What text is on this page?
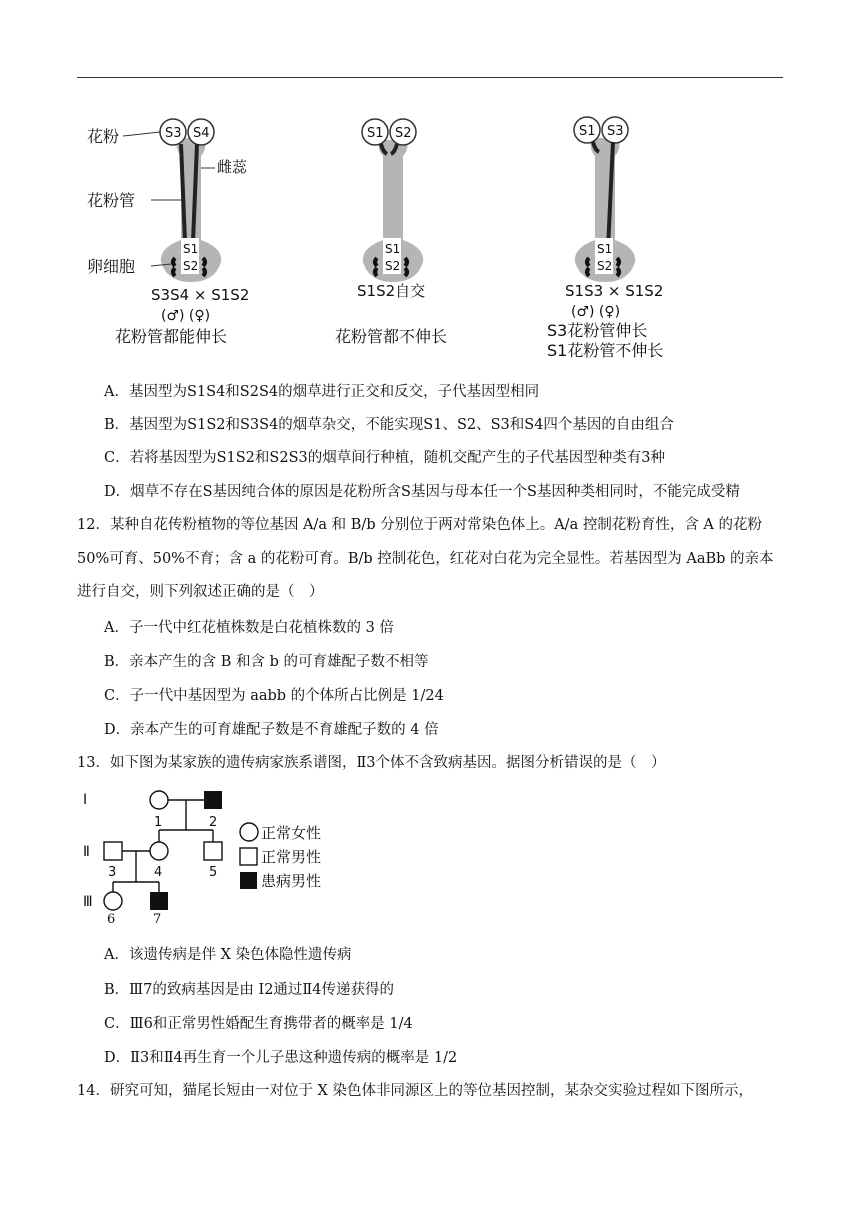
S3 S4
S1
S2
花粉
雌蕊
花粉管
卵细胞
S3S4 × S1S2
(♂) (♀)
花粉管都能伸长
S1 S2
S1
S2
S1S2自交
花粉管都不伸长
S1 S3
S1
S2
S1S3 × S1S2
(♂) (♀)
S3花粉管伸长
S1花粉管不伸长
A．基因型为S1S4和S2S4的烟草进行正交和反交，子代基因型相同
B．基因型为S1S2和S3S4的烟草杂交，不能实现S1、S2、S3和S4四个基因的自由组合
C．若将基因型为S1S2和S2S3的烟草间行种植，随机交配产生的子代基因型种类有3种
D．烟草不存在S基因纯合体的原因是花粉所含S基因与母本任一个S基因种类相同时，不能完成受精
12．某种自花传粉植物的等位基因 A/a 和 B/b 分别位于两对常染色体上。A/a 控制花粉育性，含 A 的花粉
50%可育、50%不育；含 a 的花粉可育。B/b 控制花色，红花对白花为完全显性。若基因型为 AaBb 的亲本
进行自交，则下列叙述正确的是（　）
A．子一代中红花植株数是白花植株数的 3 倍
B．亲本产生的含 B 和含 b 的可育雄配子数不相等
C．子一代中基因型为 aabb 的个体所占比例是 1/24
D．亲本产生的可育雄配子数是不育雄配子数的 4 倍
13．如下图为某家族的遗传病家族系谱图，Ⅱ3个体不含致病基因。据图分析错误的是（　）
Ⅰ
Ⅱ
Ⅲ
1	2
3	4	5
正常女性
正常男性
患病男性
6	7
A．该遗传病是伴 X 染色体隐性遗传病
B．Ⅲ7的致病基因是由 I2通过Ⅱ4传递获得的
C．Ⅲ6和正常男性婚配生育携带者的概率是 1/4
D．Ⅱ3和Ⅱ4再生育一个儿子患这种遗传病的概率是 1/2
14．研究可知，猫尾长短由一对位于 X 染色体非同源区上的等位基因控制，某杂交实验过程如下图所示，
